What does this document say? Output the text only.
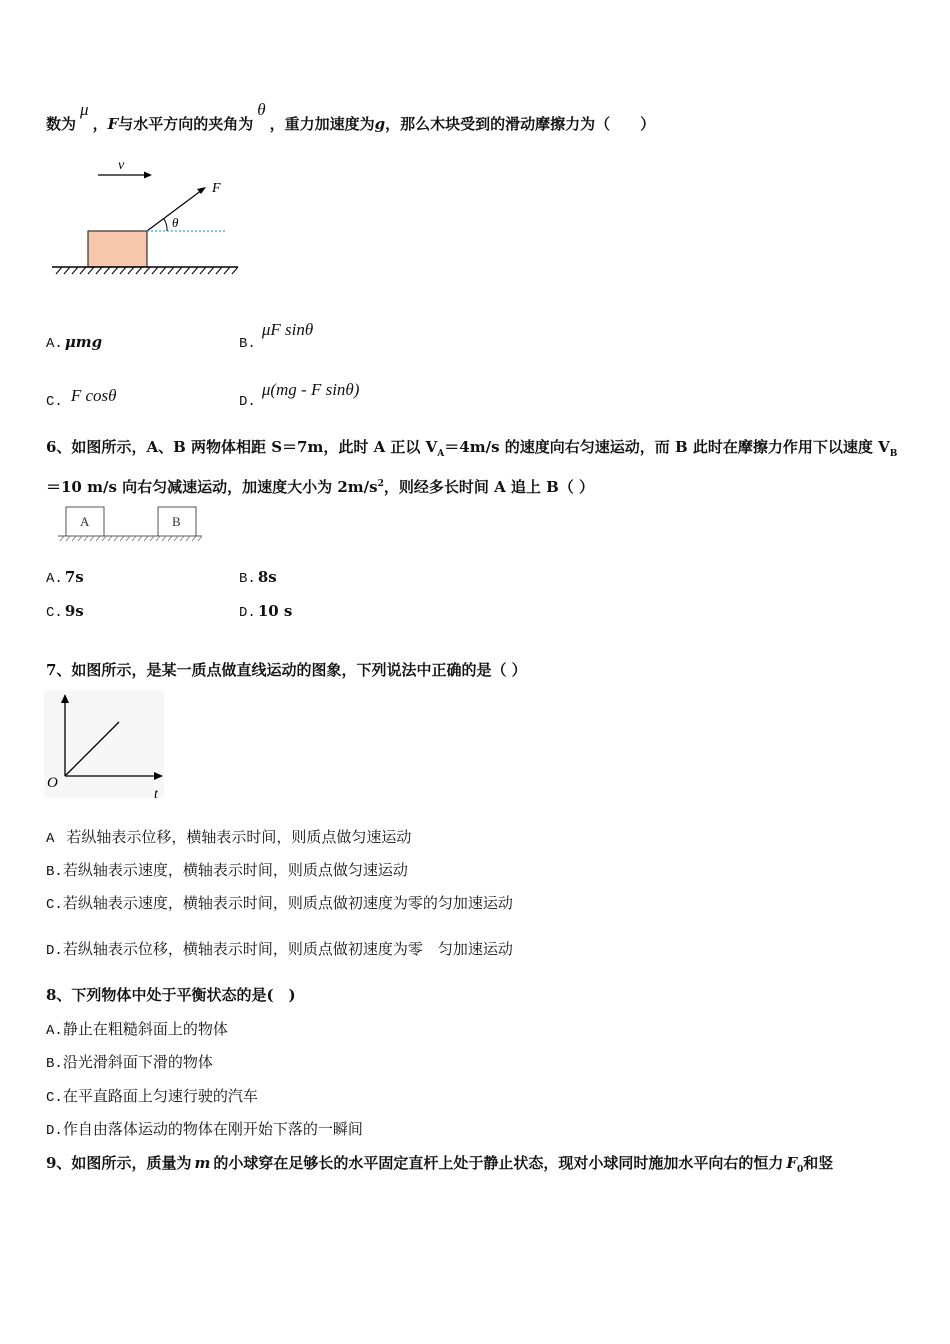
数为μ，F与水平方向的夹角为θ，重力加速度为g，那么木块受到的滑动摩擦力为（　　）
v
F
θ
A. μmg	B.μF sinθ
C. F cosθ	D.μ(mg - F sinθ)
6、如图所示，A、B 两物体相距 S＝7m，此时 A 正以 $V_A=4m/s$ 的速度向右匀速运动，而 B 此时在摩擦力作用下以速度 $V_B$
＝10 m/s 向右匀减速运动，加速度大小为 $2m/s^2$，则经多长时间 A 追上 B（ ）
A	B
A. 7s	B. 8s
C. 9s	D. 10 s
7、如图所示，是某一质点做直线运动的图象，下列说法中正确的是（ ）
O
t
A 若纵轴表示位移，横轴表示时间，则质点做匀速运动
B.若纵轴表示速度，横轴表示时间，则质点做匀速运动
C.若纵轴表示速度，横轴表示时间，则质点做初速度为零的匀加速运动
D.若纵轴表示位移，横轴表示时间，则质点做初速度为零　匀加速运动
8、下列物体中处于平衡状态的是(　)
A.静止在粗糙斜面上的物体
B.沿光滑斜面下滑的物体
C.在平直路面上匀速行驶的汽车
D.作自由落体运动的物体在刚开始下落的一瞬间
9、如图所示，质量为 m 的小球穿在足够长的水平固定直杆上处于静止状态，现对小球同时施加水平向右的恒力 $F_0$和竖
